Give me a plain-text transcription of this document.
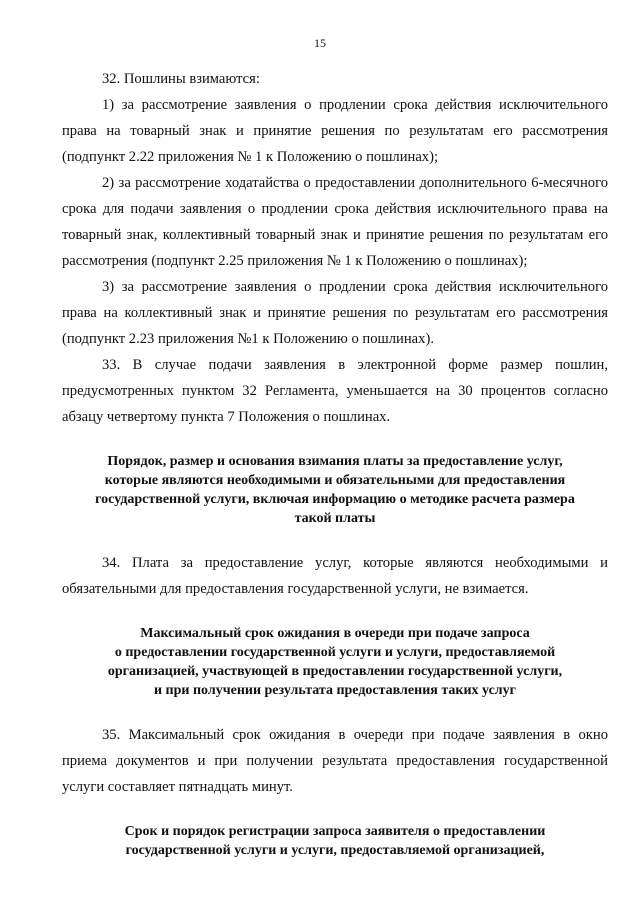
15

32. Пошлины взимаются:

1) за рассмотрение заявления о продлении срока действия исключительного права на товарный знак и принятие решения по результатам его рассмотрения (подпункт 2.22 приложения № 1 к Положению о пошлинах);

2) за рассмотрение ходатайства о предоставлении дополнительного 6-месячного срока для подачи заявления о продлении срока действия исключительного права на товарный знак, коллективный товарный знак и принятие решения по результатам его рассмотрения (подпункт 2.25 приложения № 1 к Положению о пошлинах);

3) за рассмотрение заявления о продлении срока действия исключительного права на коллективный знак и принятие решения по результатам его рассмотрения (подпункт 2.23 приложения №1 к Положению о пошлинах).

33. В случае подачи заявления в электронной форме размер пошлин, предусмотренных пунктом 32 Регламента, уменьшается на 30 процентов согласно абзацу четвертому пункта 7 Положения о пошлинах.

Порядок, размер и основания взимания платы за предоставление услуг,
которые являются необходимыми и обязательными для предоставления
государственной услуги, включая информацию о методике расчета размера
такой платы

34. Плата за предоставление услуг, которые являются необходимыми и обязательными для предоставления государственной услуги, не взимается.

Максимальный срок ожидания в очереди при подаче запроса
о предоставлении государственной услуги и услуги, предоставляемой
организацией, участвующей в предоставлении государственной услуги,
и при получении результата предоставления таких услуг

35. Максимальный срок ожидания в очереди при подаче заявления в окно приема документов и при получении результата предоставления государственной услуги составляет пятнадцать минут.

Срок и порядок регистрации запроса заявителя о предоставлении
государственной услуги и услуги, предоставляемой организацией,
